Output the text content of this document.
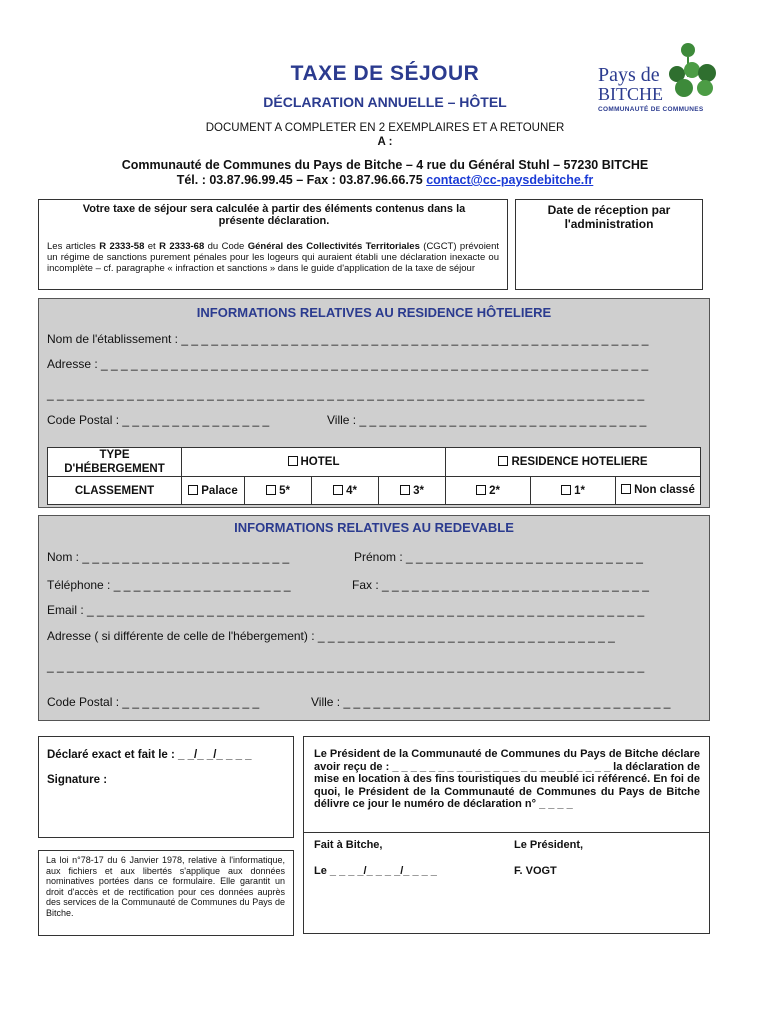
TAXE DE SÉJOUR
DÉCLARATION ANNUELLE – HÔTEL
Pays de
BITCHE
COMMUNAUTÉ DE COMMUNES
DOCUMENT A COMPLETER EN 2 EXEMPLAIRES ET A RETOUNER
A :
Communauté de Communes du Pays de Bitche – 4 rue du Général Stuhl – 57230 BITCHE
Tél. : 03.87.96.99.45 – Fax : 03.87.96.66.75 contact@cc-paysdebitche.fr
Votre taxe de séjour sera calculée à partir des éléments contenus dans la présente déclaration.
Les articles R 2333-58 et R 2333-68 du Code Général des Collectivités Territoriales (CGCT) prévoient un régime de sanctions purement pénales pour les logeurs qui auraient établi une déclaration inexacte ou incomplète – cf. paragraphe « infraction et sanctions » dans le guide d'application de la taxe de séjour
Date de réception par l'administration
INFORMATIONS RELATIVES AU RESIDENCE HÔTELIERE
Nom de l'établissement : _ _ _ _ _ _ _ _ _ _ _ _ _ _ _ _ _ _ _ _ _ _ _ _ _ _ _ _ _ _ _ _ _ _ _ _ _ _ _ _ _ _ _ _ _ _ _
Adresse : _ _ _ _ _ _ _ _ _ _ _ _ _ _ _ _ _ _ _ _ _ _ _ _ _ _ _ _ _ _ _ _ _ _ _ _ _ _ _ _ _ _ _ _ _ _ _ _ _ _ _ _ _ _ _
_ _ _ _ _ _ _ _ _ _ _ _ _ _ _ _ _ _ _ _ _ _ _ _ _ _ _ _ _ _ _ _ _ _ _ _ _ _ _ _ _ _ _ _ _ _ _ _ _ _ _ _ _ _ _ _ _ _ _ _
Code Postal : _ _ _ _ _ _ _ _ _ _ _ _ _ _ _	Ville : _ _ _ _ _ _ _ _ _ _ _ _ _ _ _ _ _ _ _ _ _ _ _ _ _ _ _ _ _
TYPE D'HÉBERGEMENT	HOTEL				RESIDENCE HOTELIERE		
CLASSEMENT	Palace	5*	4*	3*	2*	1*	Non classé
INFORMATIONS RELATIVES AU REDEVABLE
Nom : _ _ _ _ _ _ _ _ _ _ _ _ _ _ _ _ _ _ _ _ _	Prénom : _ _ _ _ _ _ _ _ _ _ _ _ _ _ _ _ _ _ _ _ _ _ _ _
Téléphone : _ _ _ _ _ _ _ _ _ _ _ _ _ _ _ _ _ _	Fax : _ _ _ _ _ _ _ _ _ _ _ _ _ _ _ _ _ _ _ _ _ _ _ _ _ _ _
Email : _ _ _ _ _ _ _ _ _ _ _ _ _ _ _ _ _ _ _ _ _ _ _ _ _ _ _ _ _ _ _ _ _ _ _ _ _ _ _ _ _ _ _ _ _ _ _ _ _ _ _ _ _ _ _ _
Adresse ( si différente de celle de l'hébergement) : _ _ _ _ _ _ _ _ _ _ _ _ _ _ _ _ _ _ _ _ _ _ _ _ _ _ _ _ _ _
_ _ _ _ _ _ _ _ _ _ _ _ _ _ _ _ _ _ _ _ _ _ _ _ _ _ _ _ _ _ _ _ _ _ _ _ _ _ _ _ _ _ _ _ _ _ _ _ _ _ _ _ _ _ _ _ _ _ _ _
Code Postal : _ _ _ _ _ _ _ _ _ _ _ _ _ _	Ville : _ _ _ _ _ _ _ _ _ _ _ _ _ _ _ _ _ _ _ _ _ _ _ _ _ _ _ _ _ _ _ _ _
Déclaré exact et fait le : _ _/_ _/_ _ _ _
Signature :
La loi n°78-17 du 6 Janvier 1978, relative à l'informatique, aux fichiers et aux libertés s'applique aux données nominatives portées dans ce formulaire. Elle garantit un droit d'accès et de rectification pour ces données auprès des services de la Communauté de Communes du Pays de Bitche.
Le Président de la Communauté de Communes du Pays de Bitche déclare avoir reçu de : _ _ _ _ _ _ _ _ _ _ _ _ _ _ _ _ _ _ _ _ _ _ _ _ la déclaration de mise en location à des fins touristiques du meublé ici référencé. En foi de quoi, le Président de la Communauté de Communes du Pays de Bitche délivre ce jour le numéro de déclaration n° _ _ _ _
Fait à Bitche,	Le Président,
Le _ _ _ _/_ _ _ _/_ _ _ _	F. VOGT
